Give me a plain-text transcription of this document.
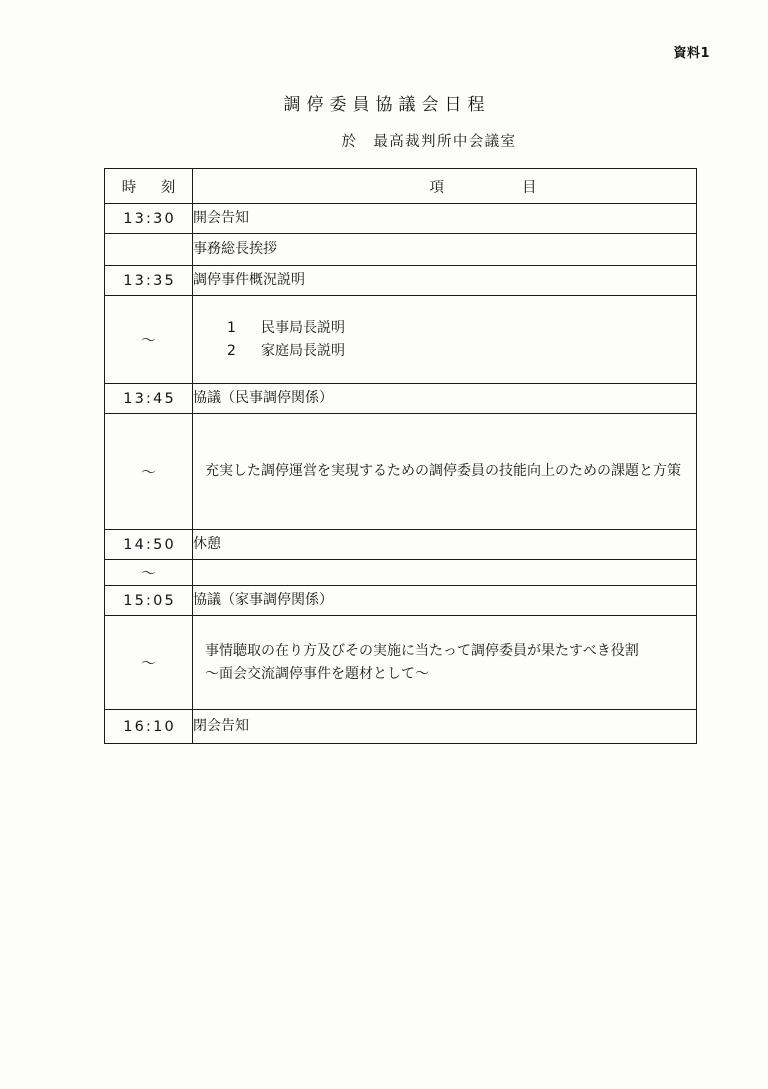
資料1
調停委員協議会日程
於　最高裁判所中会議室
時　刻	項目
13:30	開会告知
	事務総長挨拶
13:35	調停事件概況説明
〜	1 民事局長説明
2 家庭局長説明

13:45	協議（民事調停関係）
〜	充実した調停運営を実現するための調停委員の技能向上のための課題と方策
14:50	休憩
〜	
15:05	協議（家事調停関係）
〜	事情聴取の在り方及びその実施に当たって調停委員が果たすべき役割
〜面会交流調停事件を題材として〜

16:10	閉会告知
